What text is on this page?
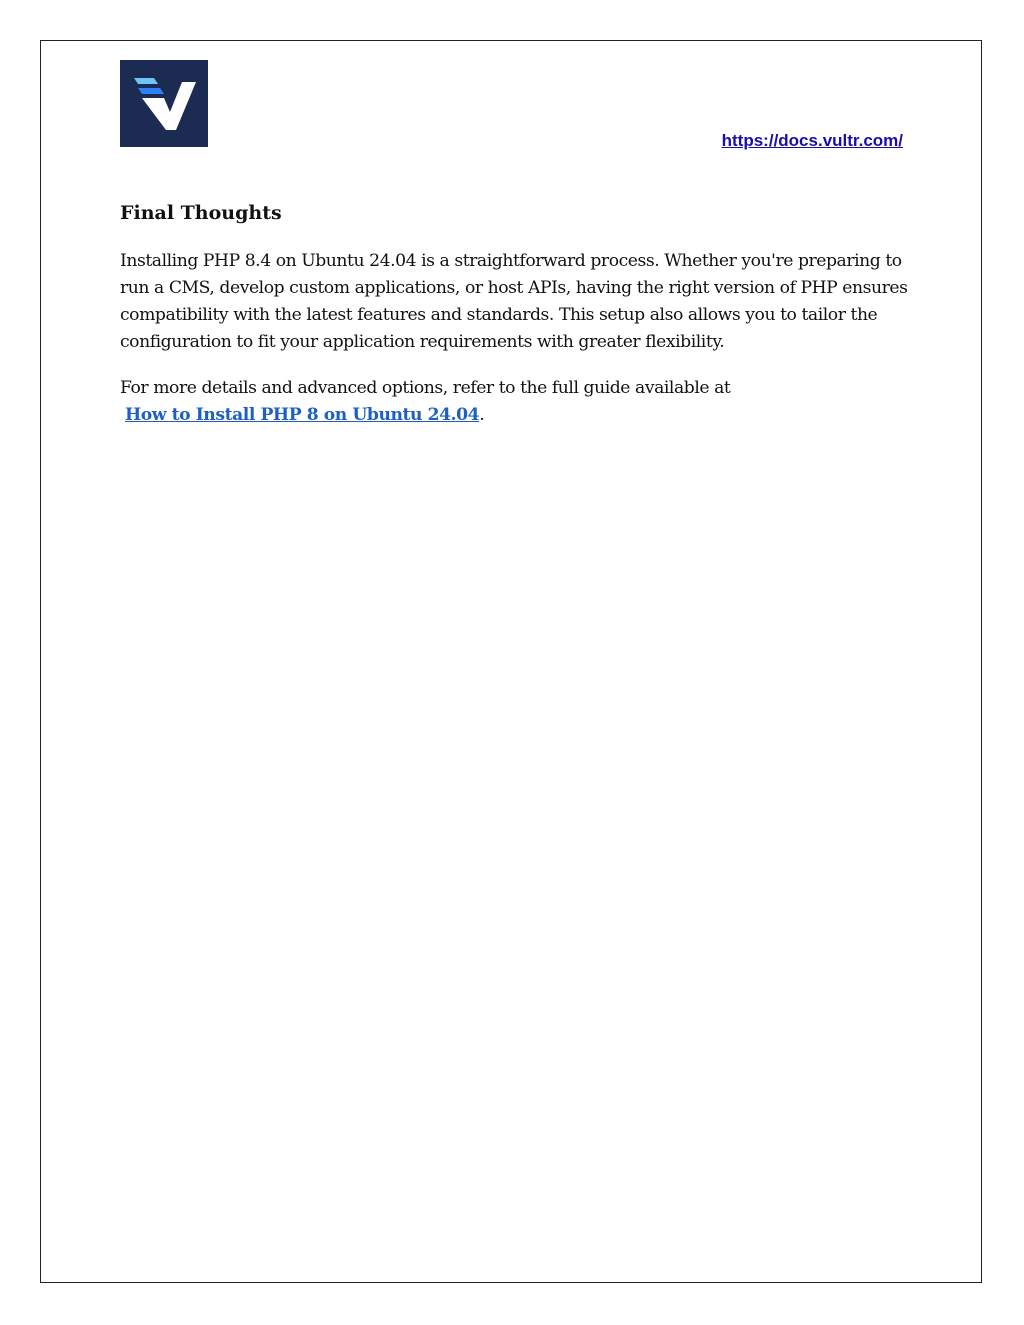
https://docs.vultr.com/
Final Thoughts

Installing PHP 8.4 on Ubuntu 24.04 is a straightforward process. Whether you're preparing to run a CMS, develop custom applications, or host APIs, having the right version of PHP ensures compatibility with the latest features and standards. This setup also allows you to tailor the configuration to fit your application requirements with greater flexibility.

For more details and advanced options, refer to the full guide available at
How to Install PHP 8 on Ubuntu 24.04.
